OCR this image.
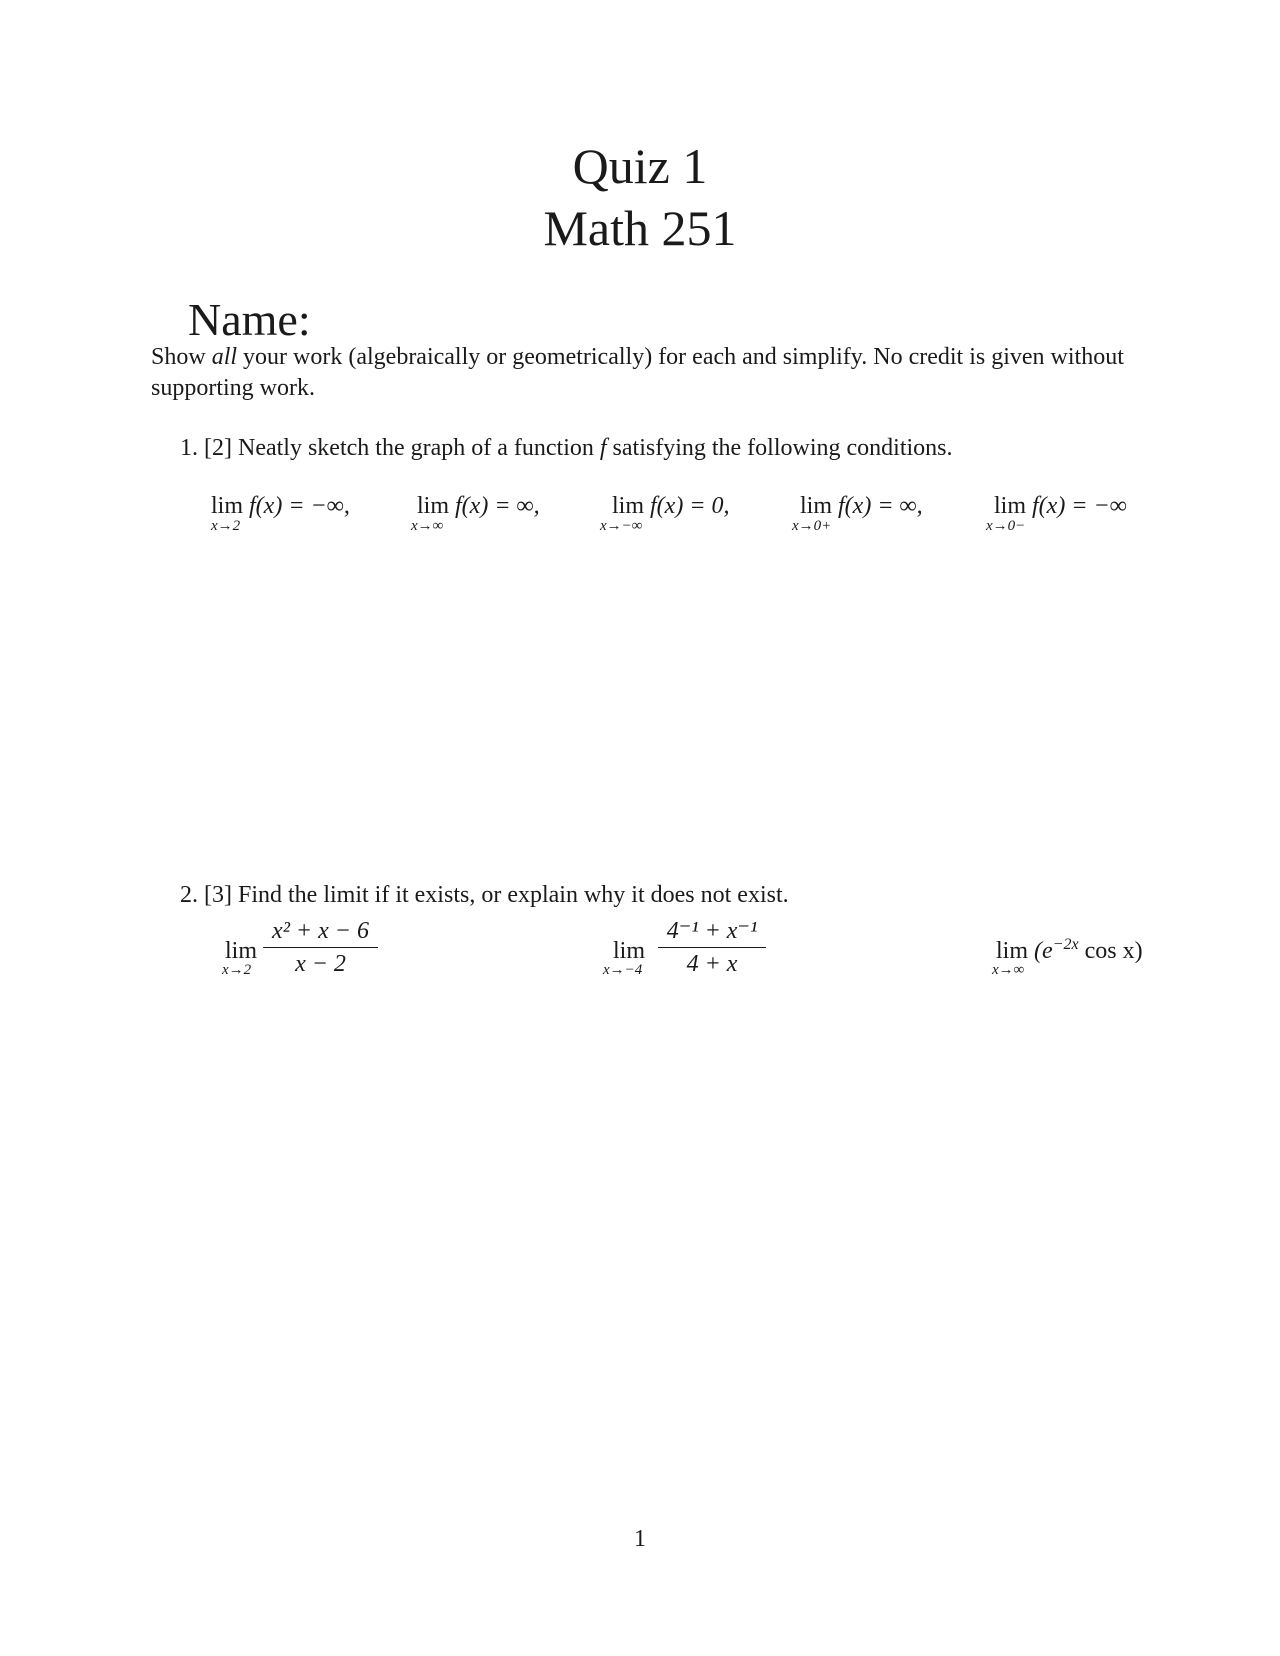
Quiz 1
Math 251
Name:
Show all your work (algebraically or geometrically) for each and simplify. No credit is given without supporting work.
1. [2] Neatly sketch the graph of a function f satisfying the following conditions.
lim f(x) = −∞,
x→2
lim f(x) = ∞,
x→∞
lim f(x) = 0,
x→−∞
lim f(x) = ∞,
x→0+
lim f(x) = −∞
x→0−
2. [3] Find the limit if it exists, or explain why it does not exist.
lim
$x\to 2 \frac{\text{x² + x − 6}}{x - 2}$	lim
$x\to-4 \frac{\text{4⁻¹ + x⁻¹}}{4 + x}$	$\lim (e^{-2x}$ cos x)
x→∞
1
